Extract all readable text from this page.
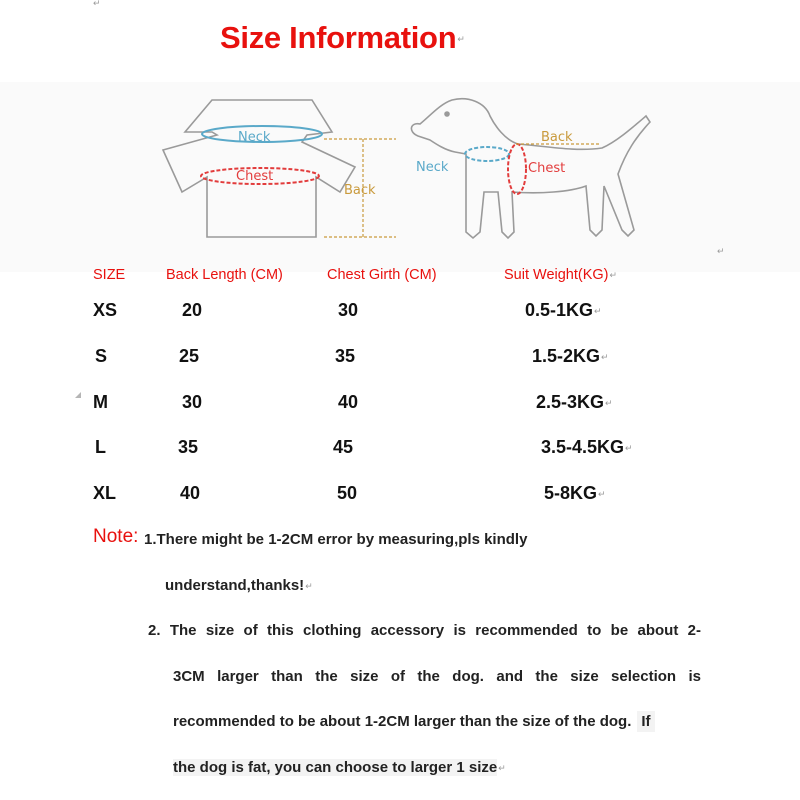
↵
Size Information↵
Neck
Chest
Back
Neck	Chest
Back
↵
SIZE	Back Length (CM)	Chest Girth (CM)	Suit Weight(KG)↵
XS	20	30	0.5-1KG↵
S	25	35	1.5-2KG↵
M	30	40	2.5-3KG↵
L	35	45	3.5-4.5KG↵
XL	40	50	5-8KG↵
Note: 1.There might be 1-2CM error by measuring,pls kindly
understand,thanks!↵
2. The size of this clothing accessory is recommended to be about 2-
3CM larger than the size of the dog. and the size selection is
recommended to be about 1-2CM larger than the size of the dog. If
the dog is fat, you can choose to larger 1 size↵
